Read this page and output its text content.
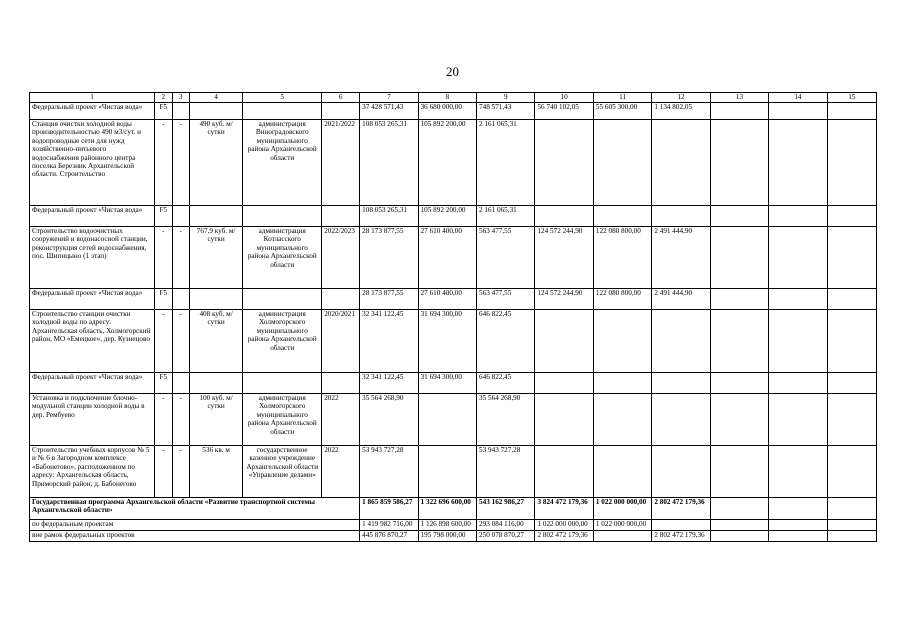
20
1	2	3	4	5	6	7	8	9	10	11	12	13	14	15
Федеральный проект «Чистая вода»	F5					37 428 571,43	36 680 000,00	748 571,43	56 740 102,05	55 605 300,00	1 134 802,05			
Станция очистки холодной воды производительностью 490 м3/сут. и водопроводные сети для нужд хозяйственно-питьевого водоснабжения районного центра поселка Березник Архангельской области. Строительство	-	-	490 куб. м/сутки	администрация Виноградовского муниципального района Архангельской области	2021/2022	108 053 265,31	105 892 200,00	2 161 065,31						
Федеральный проект «Чистая вода»	F5					108 053 265,31	105 892 200,00	2 161 065,31						
Строительство водоочистных сооружений и водонасосной станции, реконструкция сетей водоснабжения, пос. Шипицыно (1 этап)	-	-	767,9 куб. м/сутки	администрация Котласского муниципального района Архангельской области	2022/2023	28 173 877,55	27 610 400,00	563 477,55	124 572 244,90	122 080 800,00	2 491 444,90			
Федеральный проект «Чистая вода»	F5					28 173 877,55	27 610 400,00	563 477,55	124 572 244,90	122 080 800,00	2 491 444,90			
Строительство станции очистки холодной воды по адресу: Архангельская область, Холмогорский район, МО «Емецкое», дер. Кузнецово	-	-	408 куб. м/сутки	администрация Холмогорского муниципального района Архангельской области	2020/2021	32 341 122,45	31 694 300,00	646 822,45						
Федеральный проект «Чистая вода»	F5					32 341 122,45	31 694 300,00	646 822,45						
Установка и подключение блочно-модульной станции холодной воды в дер. Рембуево	-	-	100 куб. м/сутки	администрация Холмогорского муниципального района Архангельской области	2022	35 564 268,90		35 564 268,90						
Строительство учебных корпусов № 5 и № 6 в Загородном комплексе «Бабонегово», расположенном по адресу: Архангельская область, Приморский район, д. Бабонегово	-	-	536 кв. м	государственное казенное учреждение Архангельской области «Управление делами»	2022	53 943 727,28		53 943 727,28						
Государственная программа Архангельской области «Развитие транспортной системы Архангельской области»						1 865 859 586,27	1 322 696 600,00	543 162 986,27	3 824 472 179,36	1 022 000 000,00	2 802 472 179,36			
по федеральным проектам						1 419 982 716,00	1 126 898 600,00	293 084 116,00	1 022 000 000,00	1 022 000 000,00				
вне рамок федеральных проектов						445 876 870,27	195 798 000,00	250 078 870,27	2 802 472 179,36		2 802 472 179,36			
